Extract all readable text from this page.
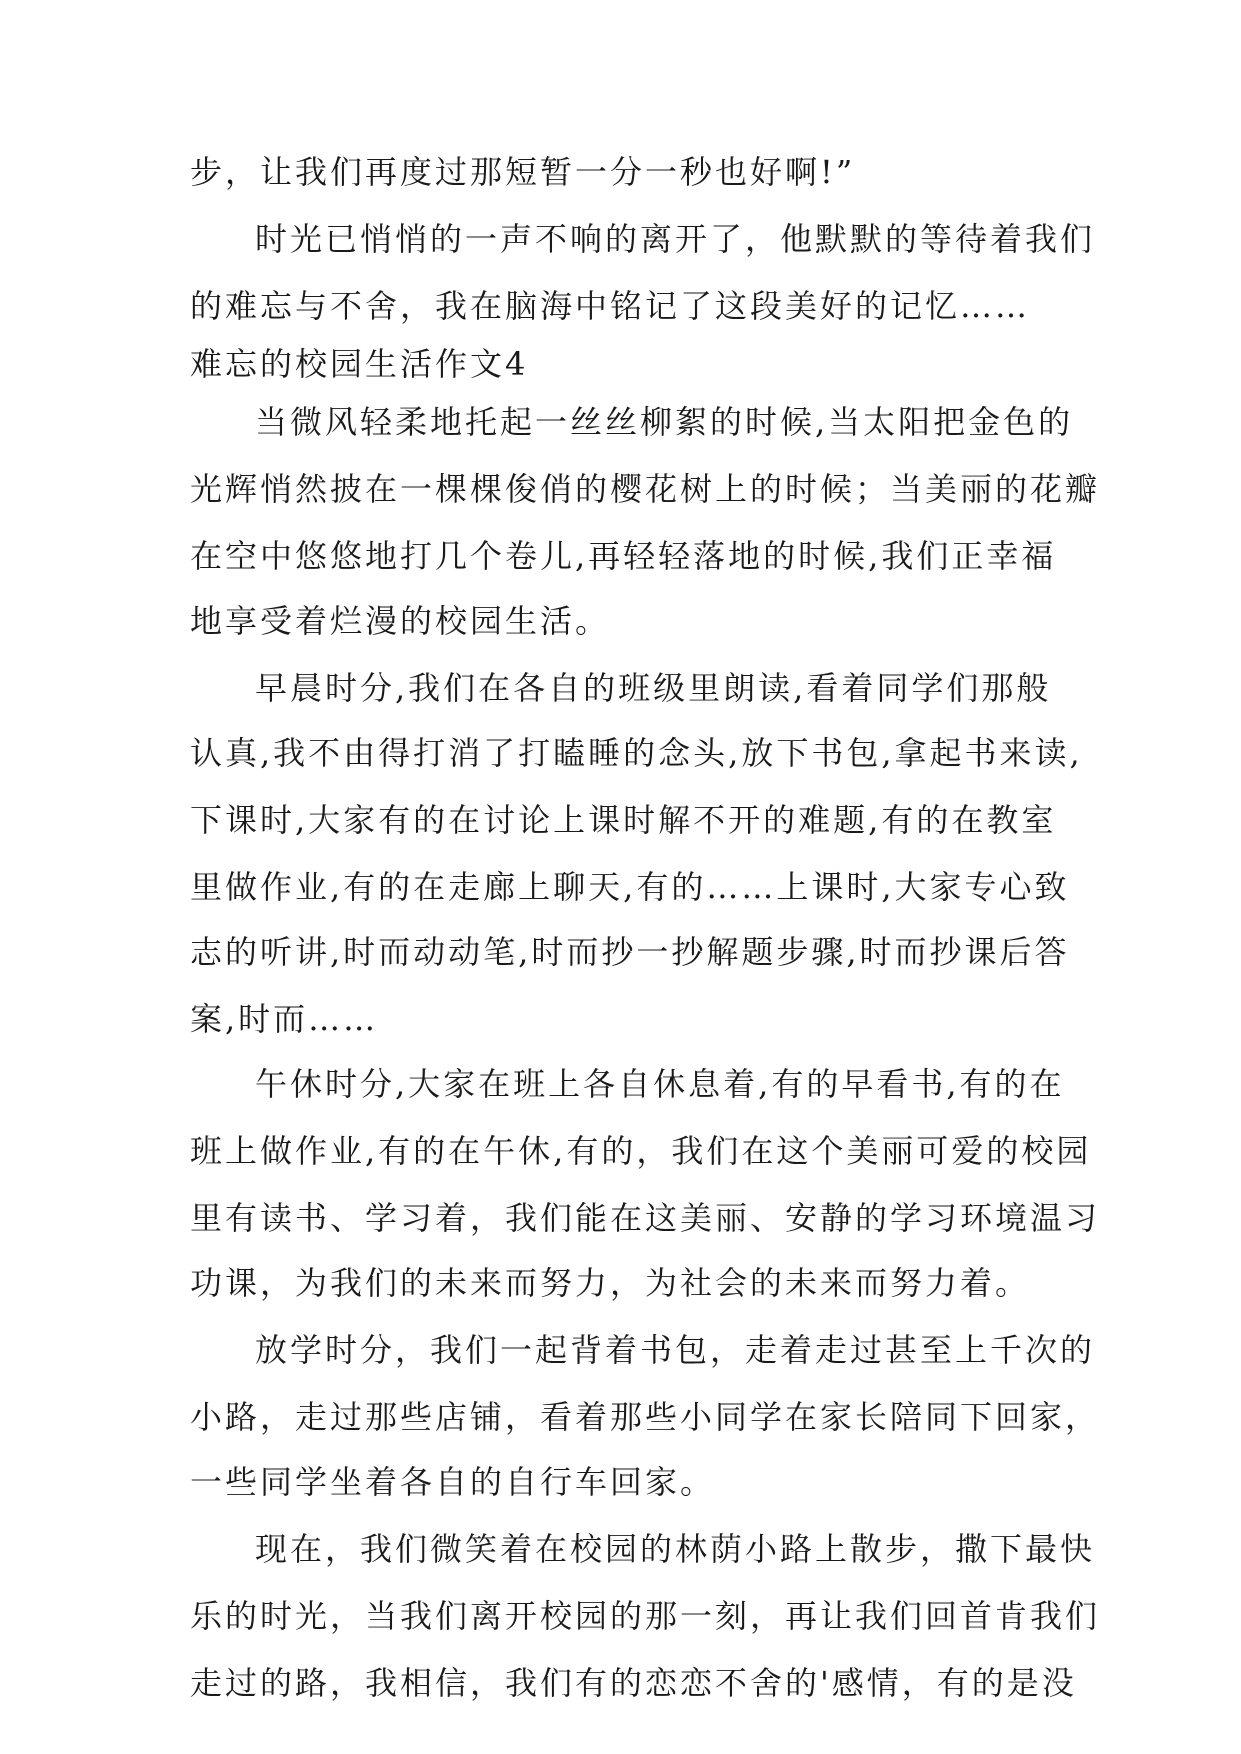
步，让我们再度过那短暂一分一秒也好啊!”
时光已悄悄的一声不响的离开了，他默默的等待着我们
的难忘与不舍，我在脑海中铭记了这段美好的记忆……
难忘的校园生活作文4
当微风轻柔地托起一丝丝柳絮的时候,当太阳把金色的
光辉悄然披在一棵棵俊俏的樱花树上的时候；当美丽的花瓣
在空中悠悠地打几个卷儿,再轻轻落地的时候,我们正幸福
地享受着烂漫的校园生活。
早晨时分,我们在各自的班级里朗读,看着同学们那般
认真,我不由得打消了打瞌睡的念头,放下书包,拿起书来读,
下课时,大家有的在讨论上课时解不开的难题,有的在教室
里做作业,有的在走廊上聊天,有的……上课时,大家专心致
志的听讲,时而动动笔,时而抄一抄解题步骤,时而抄课后答
案,时而……
午休时分,大家在班上各自休息着,有的早看书,有的在
班上做作业,有的在午休,有的，我们在这个美丽可爱的校园
里有读书、学习着，我们能在这美丽、安静的学习环境温习
功课，为我们的未来而努力，为社会的未来而努力着。
放学时分，我们一起背着书包，走着走过甚至上千次的
小路，走过那些店铺，看着那些小同学在家长陪同下回家，
一些同学坐着各自的自行车回家。
现在，我们微笑着在校园的林荫小路上散步，撒下最快
乐的时光，当我们离开校园的那一刻，再让我们回首肯我们
走过的路，我相信，我们有的恋恋不舍的'感情，有的是没
